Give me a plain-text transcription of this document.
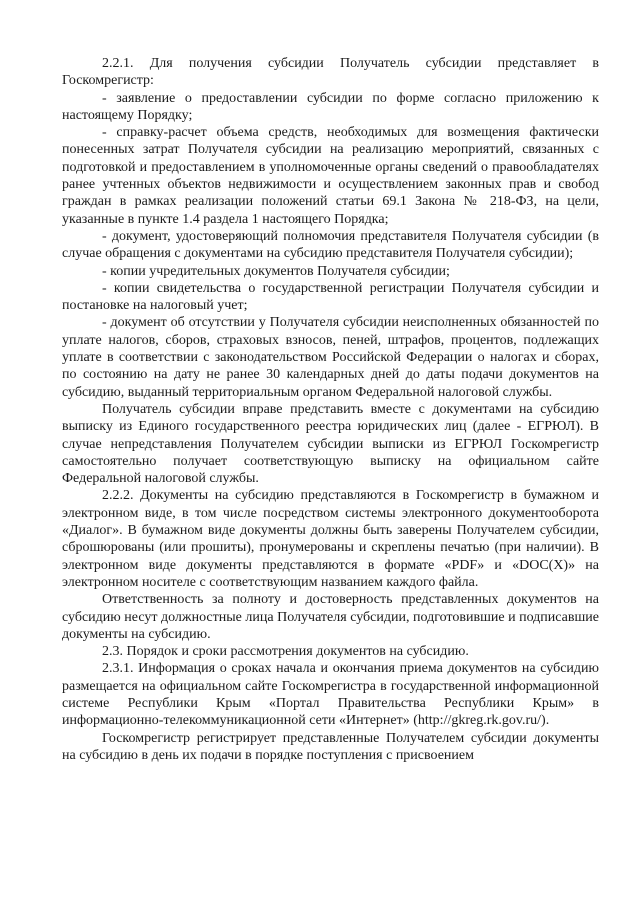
2.2.1. Для получения субсидии Получатель субсидии представляет в Госкомрегистр:

- заявление о предоставлении субсидии по форме согласно приложению к настоящему Порядку;

- справку-расчет объема средств, необходимых для возмещения фактически понесенных затрат Получателя субсидии на реализацию мероприятий, связанных с подготовкой и предоставлением в уполномоченные органы сведений о правообладателях ранее учтенных объектов недвижимости и осуществлением законных прав и свобод граждан в рамках реализации положений статьи 69.1 Закона № 218-ФЗ, на цели, указанные в пункте 1.4 раздела 1 настоящего Порядка;

- документ, удостоверяющий полномочия представителя Получателя субсидии (в случае обращения с документами на субсидию представителя Получателя субсидии);

- копии учредительных документов Получателя субсидии;

- копии свидетельства о государственной регистрации Получателя субсидии и постановке на налоговый учет;

- документ об отсутствии у Получателя субсидии неисполненных обязанностей по уплате налогов, сборов, страховых взносов, пеней, штрафов, процентов, подлежащих уплате в соответствии с законодательством Российской Федерации о налогах и сборах, по состоянию на дату не ранее 30 календарных дней до даты подачи документов на субсидию, выданный территориальным органом Федеральной налоговой службы.

Получатель субсидии вправе представить вместе с документами на субсидию выписку из Единого государственного реестра юридических лиц (далее - ЕГРЮЛ). В случае непредставления Получателем субсидии выписки из ЕГРЮЛ Госкомрегистр самостоятельно получает соответствующую выписку на официальном сайте Федеральной налоговой службы.

2.2.2. Документы на субсидию представляются в Госкомрегистр в бумажном и электронном виде, в том числе посредством системы электронного документооборота «Диалог». В бумажном виде документы должны быть заверены Получателем субсидии, сброшюрованы (или прошиты), пронумерованы и скреплены печатью (при наличии). В электронном виде документы представляются в формате «PDF» и «DOC(X)» на электронном носителе с соответствующим названием каждого файла.

Ответственность за полноту и достоверность представленных документов на субсидию несут должностные лица Получателя субсидии, подготовившие и подписавшие документы на субсидию.

2.3. Порядок и сроки рассмотрения документов на субсидию.

2.3.1. Информация о сроках начала и окончания приема документов на субсидию размещается на официальном сайте Госкомрегистра в государственной информационной системе Республики Крым «Портал Правительства Республики Крым» в информационно-телекоммуникационной сети «Интернет» (http://gkreg.rk.gov.ru/).

Госкомрегистр регистрирует представленные Получателем субсидии документы на субсидию в день их подачи в порядке поступления с присвоением
